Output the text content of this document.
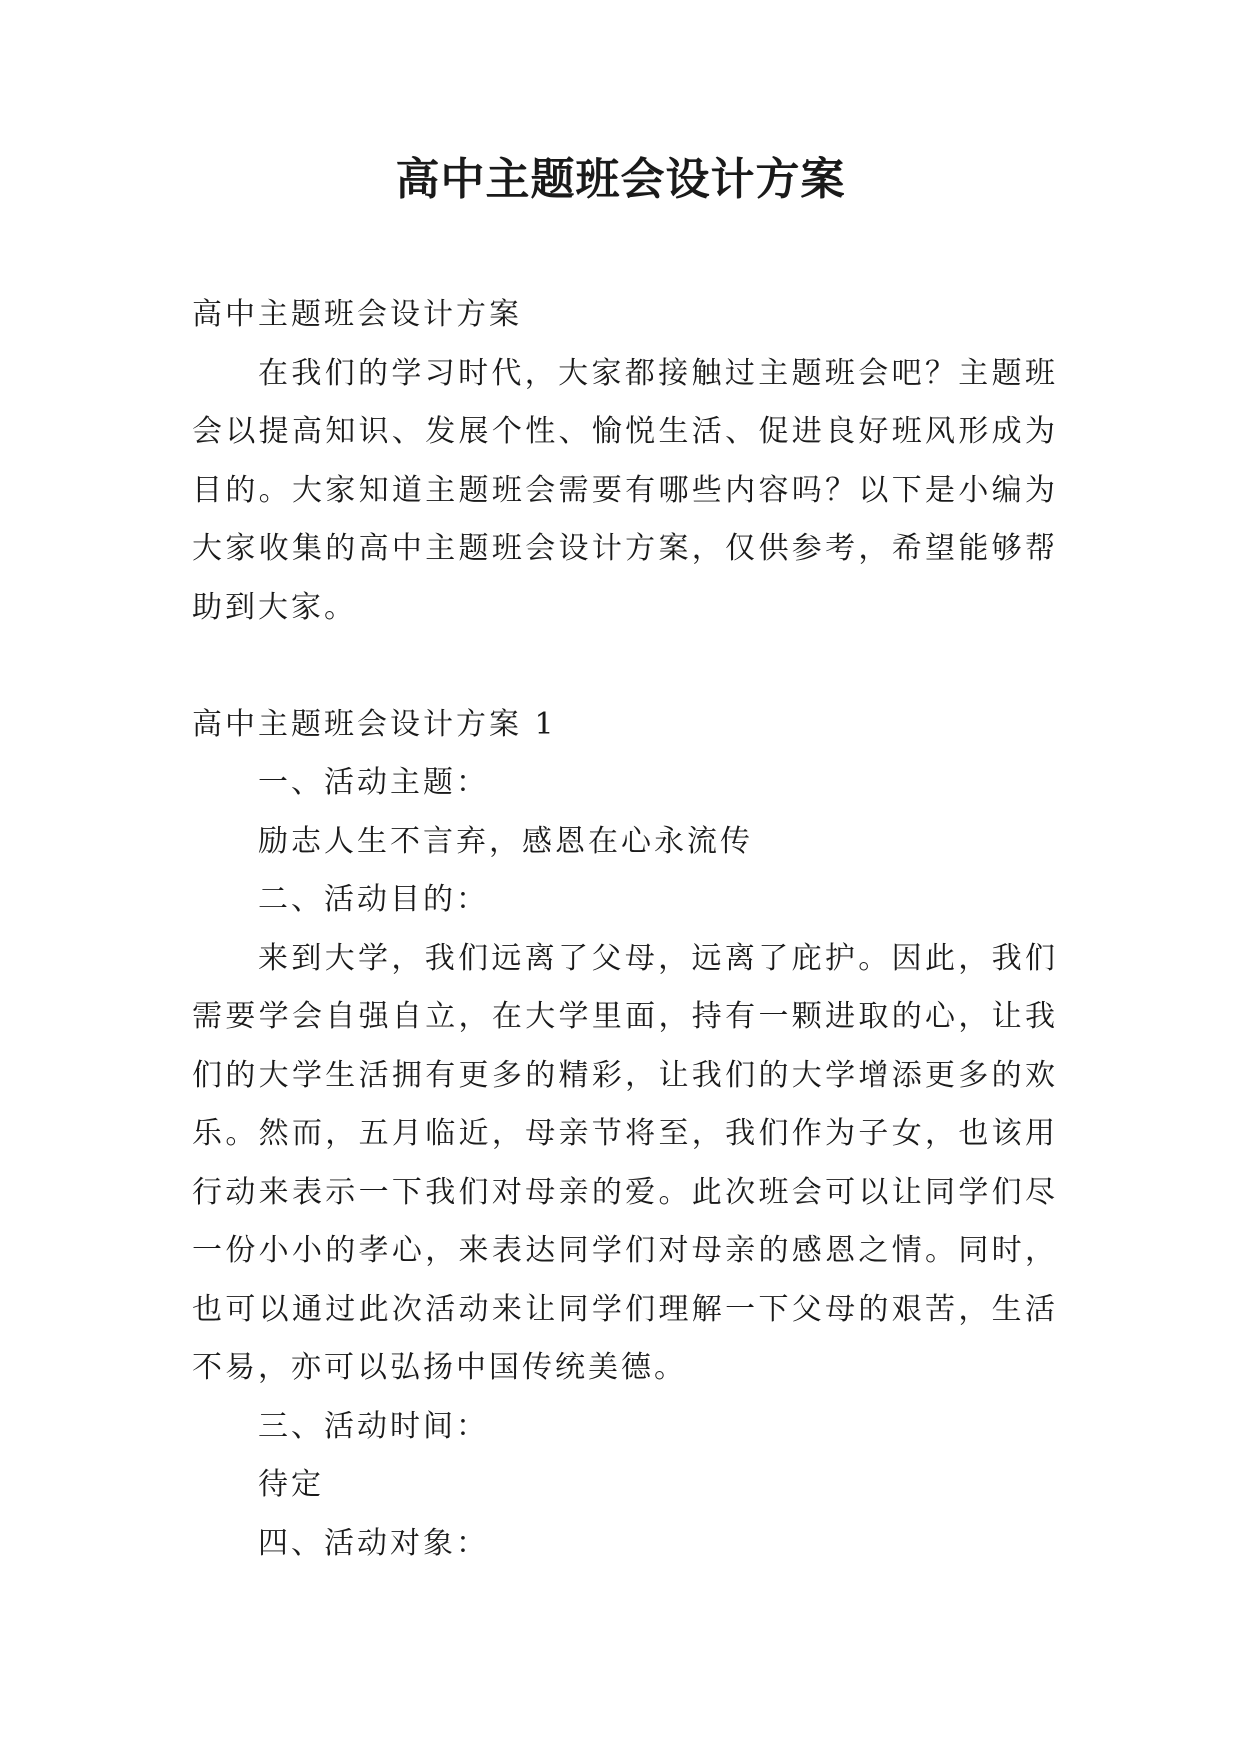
高中主题班会设计方案

高中主题班会设计方案

在我们的学习时代，大家都接触过主题班会吧？主题班会以提高知识、发展个性、愉悦生活、促进良好班风形成为目的。大家知道主题班会需要有哪些内容吗？以下是小编为大家收集的高中主题班会设计方案，仅供参考，希望能够帮助到大家。

高中主题班会设计方案 1

一、活动主题：

励志人生不言弃，感恩在心永流传

二、活动目的：

来到大学，我们远离了父母，远离了庇护。因此，我们需要学会自强自立，在大学里面，持有一颗进取的心，让我们的大学生活拥有更多的精彩，让我们的大学增添更多的欢乐。然而，五月临近，母亲节将至，我们作为子女，也该用行动来表示一下我们对母亲的爱。此次班会可以让同学们尽一份小小的孝心，来表达同学们对母亲的感恩之情。同时，也可以通过此次活动来让同学们理解一下父母的艰苦，生活不易，亦可以弘扬中国传统美德。

三、活动时间：

待定

四、活动对象：
